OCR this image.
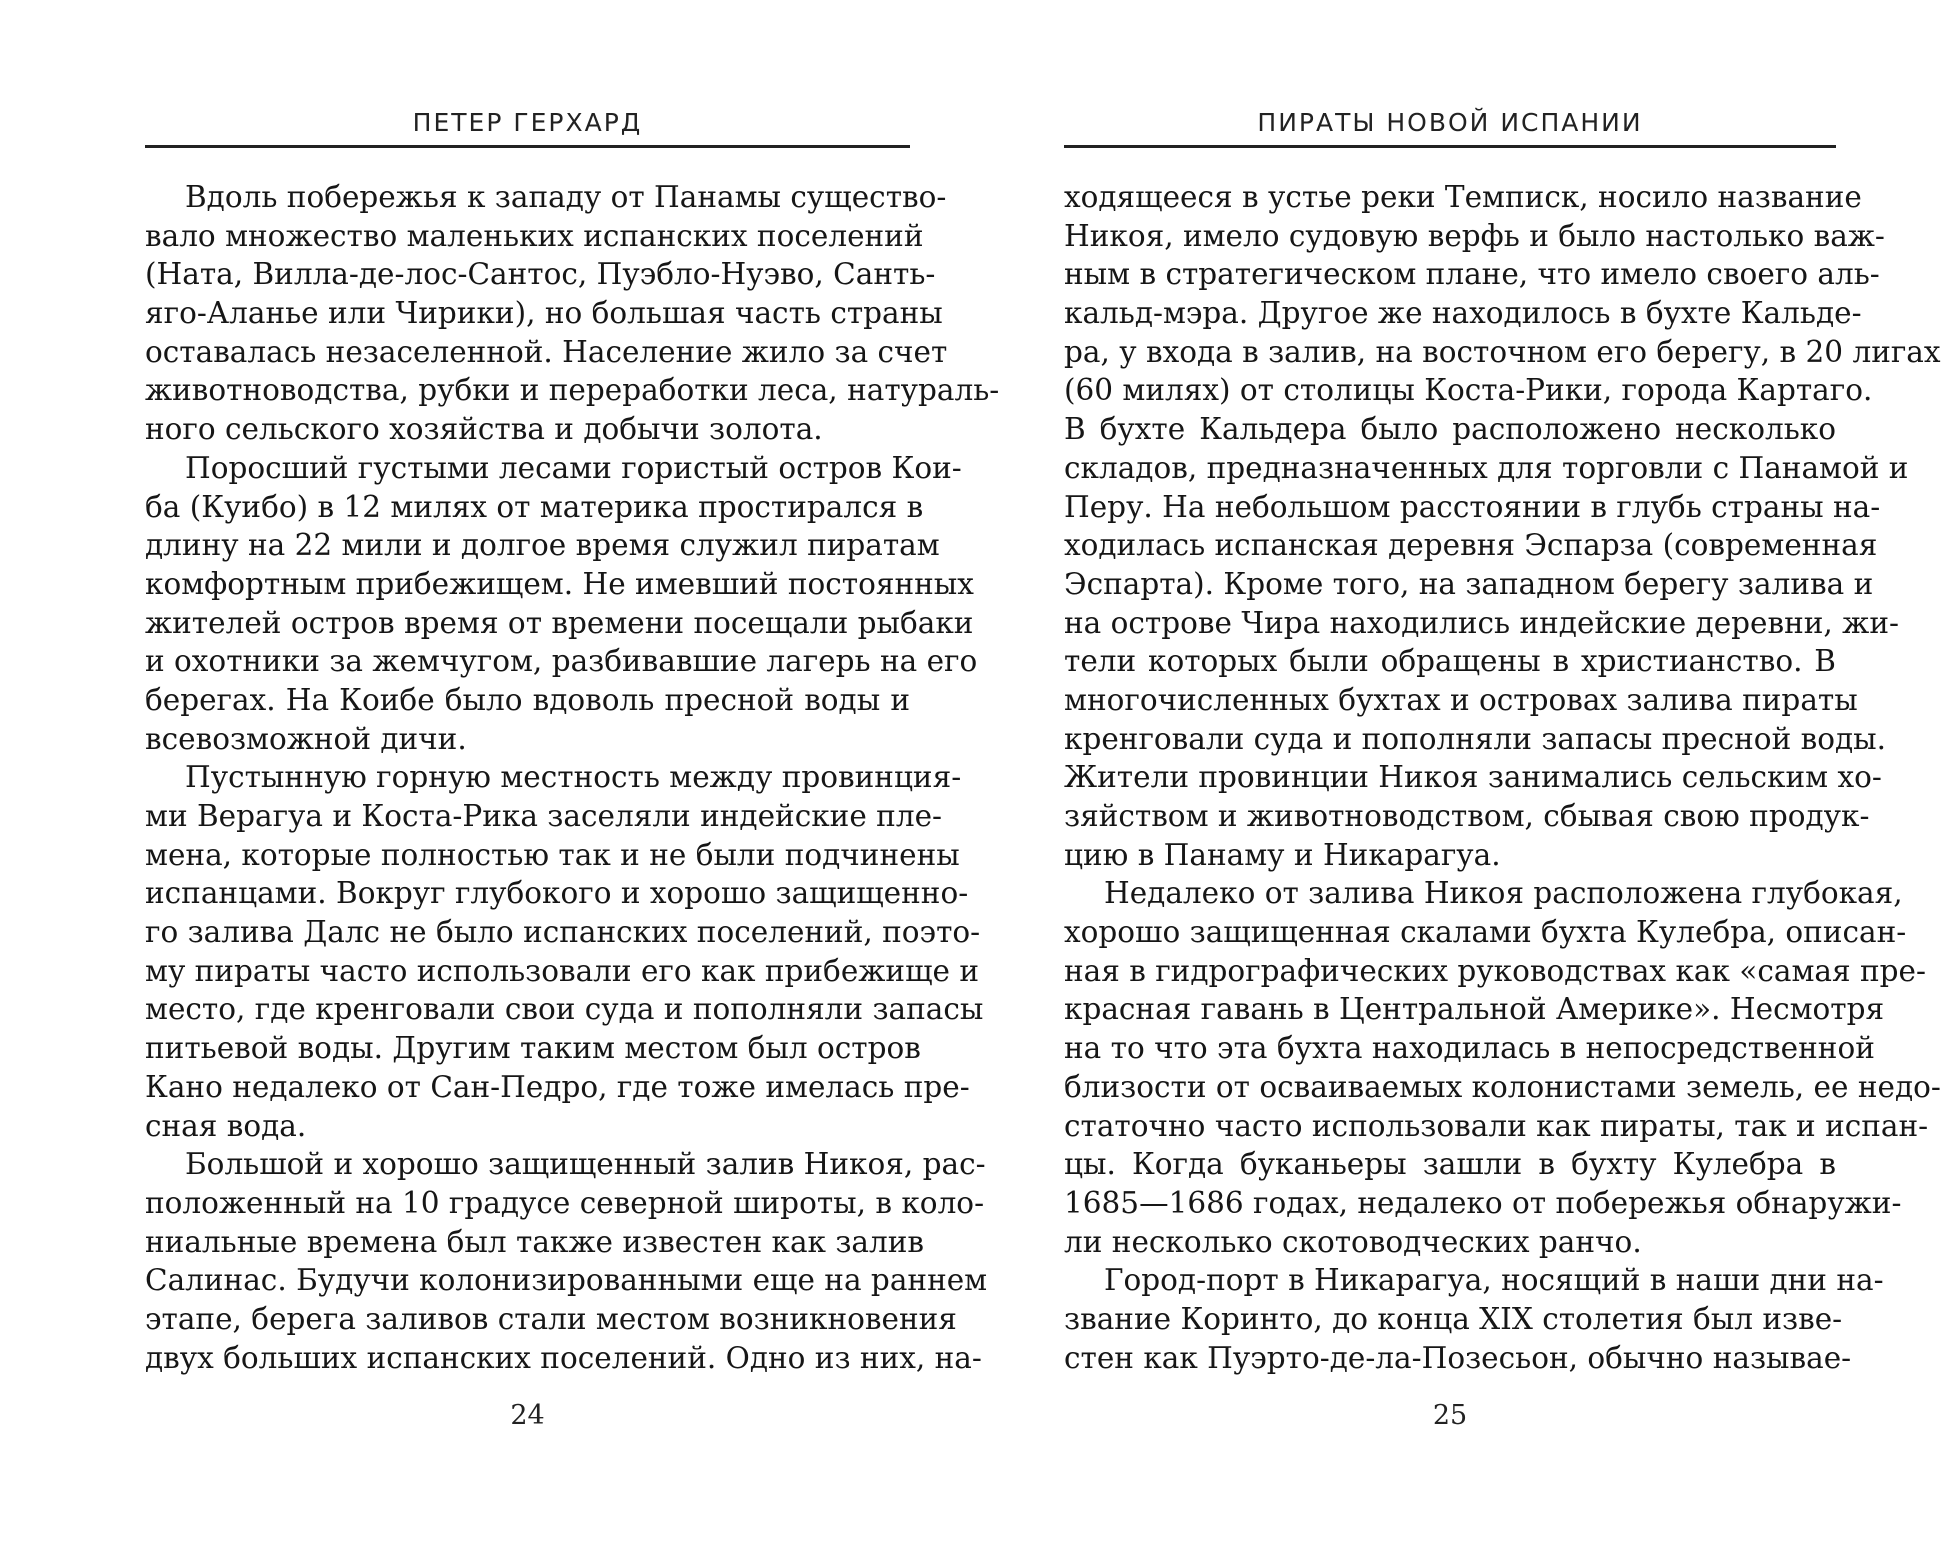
ПЕТЕР ГЕРХАРД
Вдоль побережья к западу от Панамы существо-
вало множество маленьких испанских поселений
(Ната, Вилла-де-лос-Сантос, Пуэбло-Нуэво, Санть-
яго-Аланье или Чирики), но большая часть страны
оставалась незаселенной. Население жило за счет
животноводства, рубки и переработки леса, натураль-
ного сельского хозяйства и добычи золота.
Поросший густыми лесами гористый остров Кои-
ба (Куибо) в 12 милях от материка простирался в
длину на 22 мили и долгое время служил пиратам
комфортным прибежищем. Не имевший постоянных
жителей остров время от времени посещали рыбаки
и охотники за жемчугом, разбивавшие лагерь на его
берегах. На Коибе было вдоволь пресной воды и
всевозможной дичи.
Пустынную горную местность между провинция-
ми Верагуа и Коста-Рика заселяли индейские пле-
мена, которые полностью так и не были подчинены
испанцами. Вокруг глубокого и хорошо защищенно-
го залива Далс не было испанских поселений, поэто-
му пираты часто использовали его как прибежище и
место, где кренговали свои суда и пополняли запасы
питьевой воды. Другим таким местом был остров
Кано недалеко от Сан-Педро, где тоже имелась пре-
сная вода.
Большой и хорошо защищенный залив Никоя, рас-
положенный на 10 градусе северной широты, в коло-
ниальные времена был также известен как залив
Салинас. Будучи колонизированными еще на раннем
этапе, берега заливов стали местом возникновения
двух больших испанских поселений. Одно из них, на-
24
ПИРАТЫ НОВОЙ ИСПАНИИ
ходящееся в устье реки Темписк, носило название
Никоя, имело судовую верфь и было настолько важ-
ным в стратегическом плане, что имело своего аль-
кальд-мэра. Другое же находилось в бухте Кальде-
ра, у входа в залив, на восточном его берегу, в 20 лигах
(60 милях) от столицы Коста-Рики, города Картаго.
В бухте Кальдера было расположено несколько
складов, предназначенных для торговли с Панамой и
Перу. На небольшом расстоянии в глубь страны на-
ходилась испанская деревня Эспарза (современная
Эспарта). Кроме того, на западном берегу залива и
на острове Чира находились индейские деревни, жи-
тели которых были обращены в христианство. В
многочисленных бухтах и островах залива пираты
кренговали суда и пополняли запасы пресной воды.
Жители провинции Никоя занимались сельским хо-
зяйством и животноводством, сбывая свою продук-
цию в Панаму и Никарагуа.
Недалеко от залива Никоя расположена глубокая,
хорошо защищенная скалами бухта Кулебра, описан-
ная в гидрографических руководствах как «самая пре-
красная гавань в Центральной Америке». Несмотря
на то что эта бухта находилась в непосредственной
близости от осваиваемых колонистами земель, ее недо-
статочно часто использовали как пираты, так и испан-
цы. Когда буканьеры зашли в бухту Кулебра в
1685—1686 годах, недалеко от побережья обнаружи-
ли несколько скотоводческих ранчо.
Город-порт в Никарагуа, носящий в наши дни на-
звание Коринто, до конца XIX столетия был изве-
стен как Пуэрто-де-ла-Позесьон, обычно называе-
25
